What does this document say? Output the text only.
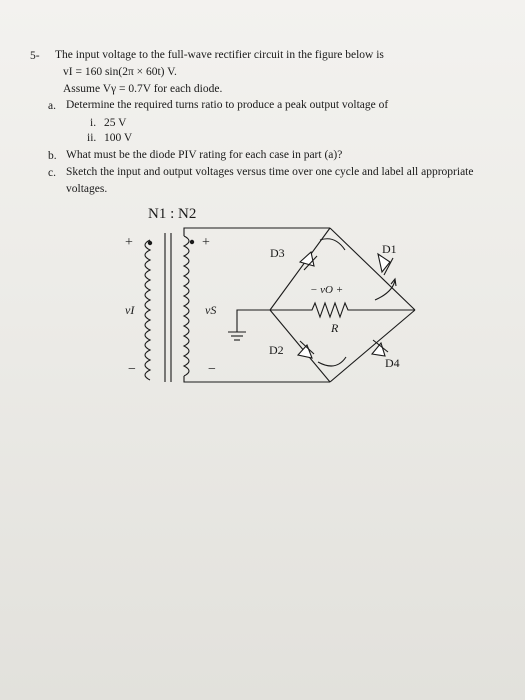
5- The input voltage to the full-wave rectifier circuit in the figure below is
vI = 160 sin(2π × 60t) V.
Assume Vγ = 0.7V for each diode.
a. Determine the required turns ratio to produce a peak output voltage of
i. 25 V
ii. 100 V
b. What must be the diode PIV rating for each case in part (a)?
c. Sketch the input and output voltages versus time over one cycle and label all appropriate
voltages.
N1 : N2
+	+
vI	vS
−	−
− vO +
R
D1
D2
D3
D4
